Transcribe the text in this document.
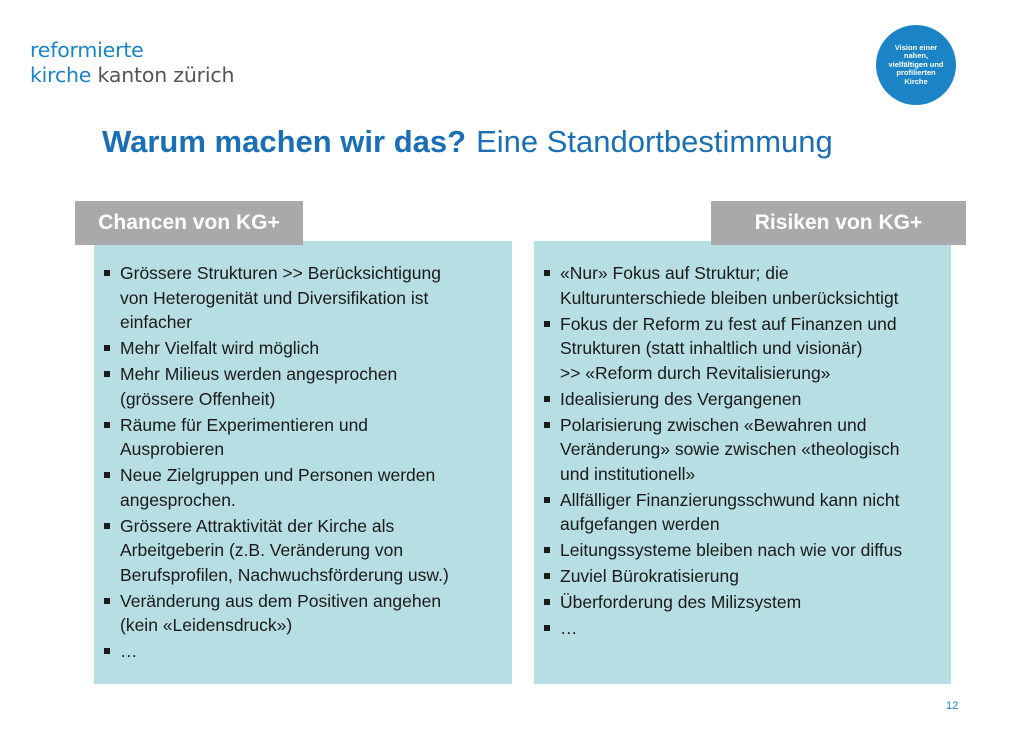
reformierte
kirche kanton zürich
Vision einer nahen, vielfältigen und profilierten Kirche
Warum machen wir das? Eine Standortbestimmung
Grössere Strukturen >> Berücksichtigung
von Heterogenität und Diversifikation ist
einfacher
Mehr Vielfalt wird möglich
Mehr Milieus werden angesprochen
(grössere Offenheit)
Räume für Experimentieren und
Ausprobieren
Neue Zielgruppen und Personen werden
angesprochen.
Grössere Attraktivität der Kirche als
Arbeitgeberin (z.B. Veränderung von
Berufsprofilen, Nachwuchsförderung usw.)
Veränderung aus dem Positiven angehen
(kein «Leidensdruck»)
…
Chancen von KG+
«Nur» Fokus auf Struktur; die
Kulturunterschiede bleiben unberücksichtigt
Fokus der Reform zu fest auf Finanzen und
Strukturen (statt inhaltlich und visionär)
>> «Reform durch Revitalisierung»
Idealisierung des Vergangenen
Polarisierung zwischen «Bewahren und
Veränderung» sowie zwischen «theologisch
und institutionell»
Allfälliger Finanzierungsschwund kann nicht
aufgefangen werden
Leitungssysteme bleiben nach wie vor diffus
Zuviel Bürokratisierung
Überforderung des Milizsystem
…
Risiken von KG+
12
